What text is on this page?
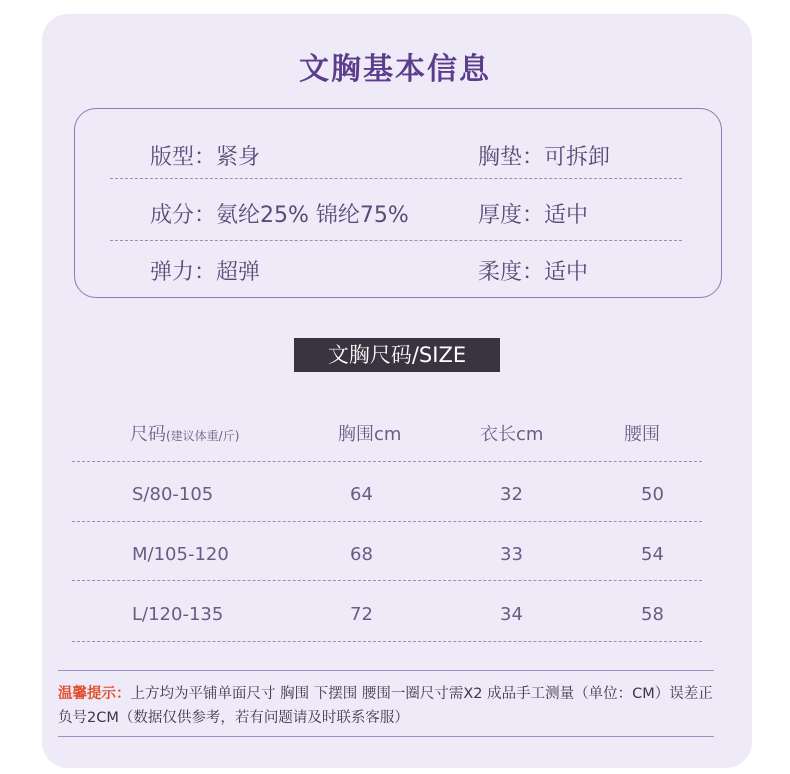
文胸基本信息
版型：紧身	胸垫：可拆卸
成分：氨纶25% 锦纶75%	厚度：适中
弹力：超弹	柔度：适中
文胸尺码/SIZE
尺码(建议体重/斤)	胸围cm	衣长cm	腰围
S/80-105	64	32	50
M/105-120	68	33	54
L/120-135	72	34	58
温馨提示：上方均为平铺单面尺寸 胸围 下摆围 腰围一圈尺寸需X2 成品手工测量（单位：CM）误差正负号2CM（数据仅供参考，若有问题请及时联系客服）
